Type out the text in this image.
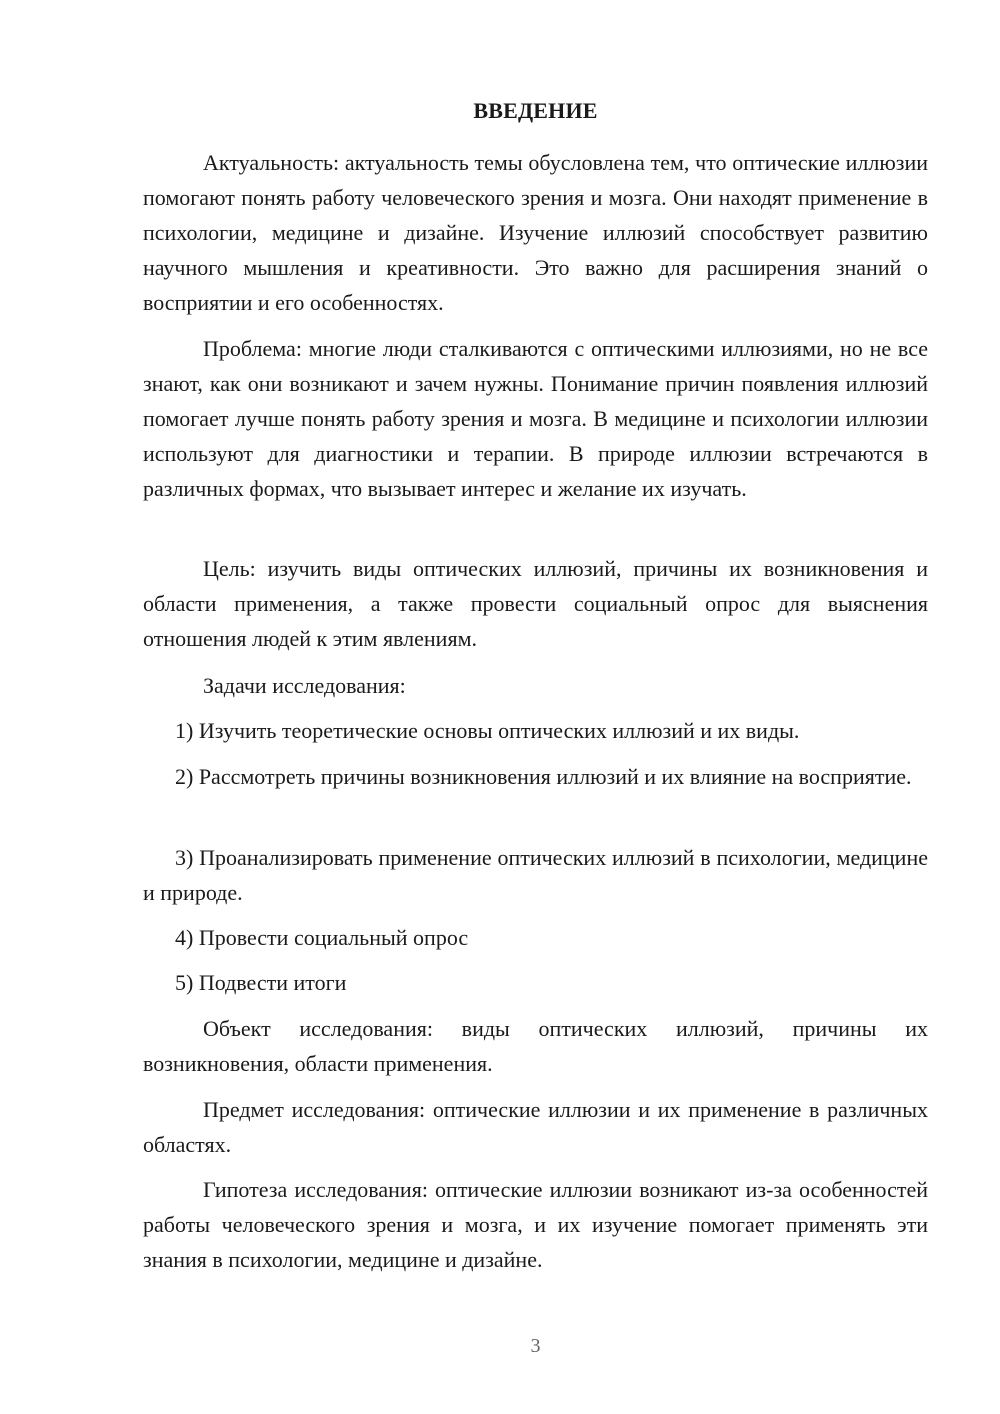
ВВЕДЕНИЕ

Актуальность: актуальность темы обусловлена тем, что оптические иллюзии помогают понять работу человеческого зрения и мозга. Они находят применение в психологии, медицине и дизайне. Изучение иллюзий способствует развитию научного мышления и креативности. Это важно для расширения знаний о восприятии и его особенностях.

Проблема: многие люди сталкиваются с оптическими иллюзиями, но не все знают, как они возникают и зачем нужны. Понимание причин появления иллюзий помогает лучше понять работу зрения и мозга. В медицине и психологии иллюзии используют для диагностики и терапии. В природе иллюзии встречаются в различных формах, что вызывает интерес и желание их изучать.

Цель: изучить виды оптических иллюзий, причины их возникновения и области применения, а также провести социальный опрос для выяснения отношения людей к этим явлениям.

Задачи исследования:

1) Изучить теоретические основы оптических иллюзий и их виды.

2) Рассмотреть причины возникновения иллюзий и их влияние на восприятие.

3) Проанализировать применение оптических иллюзий в психологии, медицине и природе.

4) Провести социальный опрос

5) Подвести итоги

Объект исследования: виды оптических иллюзий, причины их возникновения, области применения.

Предмет исследования: оптические иллюзии и их применение в различных областях.

Гипотеза исследования: оптические иллюзии возникают из-за особенностей работы человеческого зрения и мозга, и их изучение помогает применять эти знания в психологии, медицине и дизайне.

3
